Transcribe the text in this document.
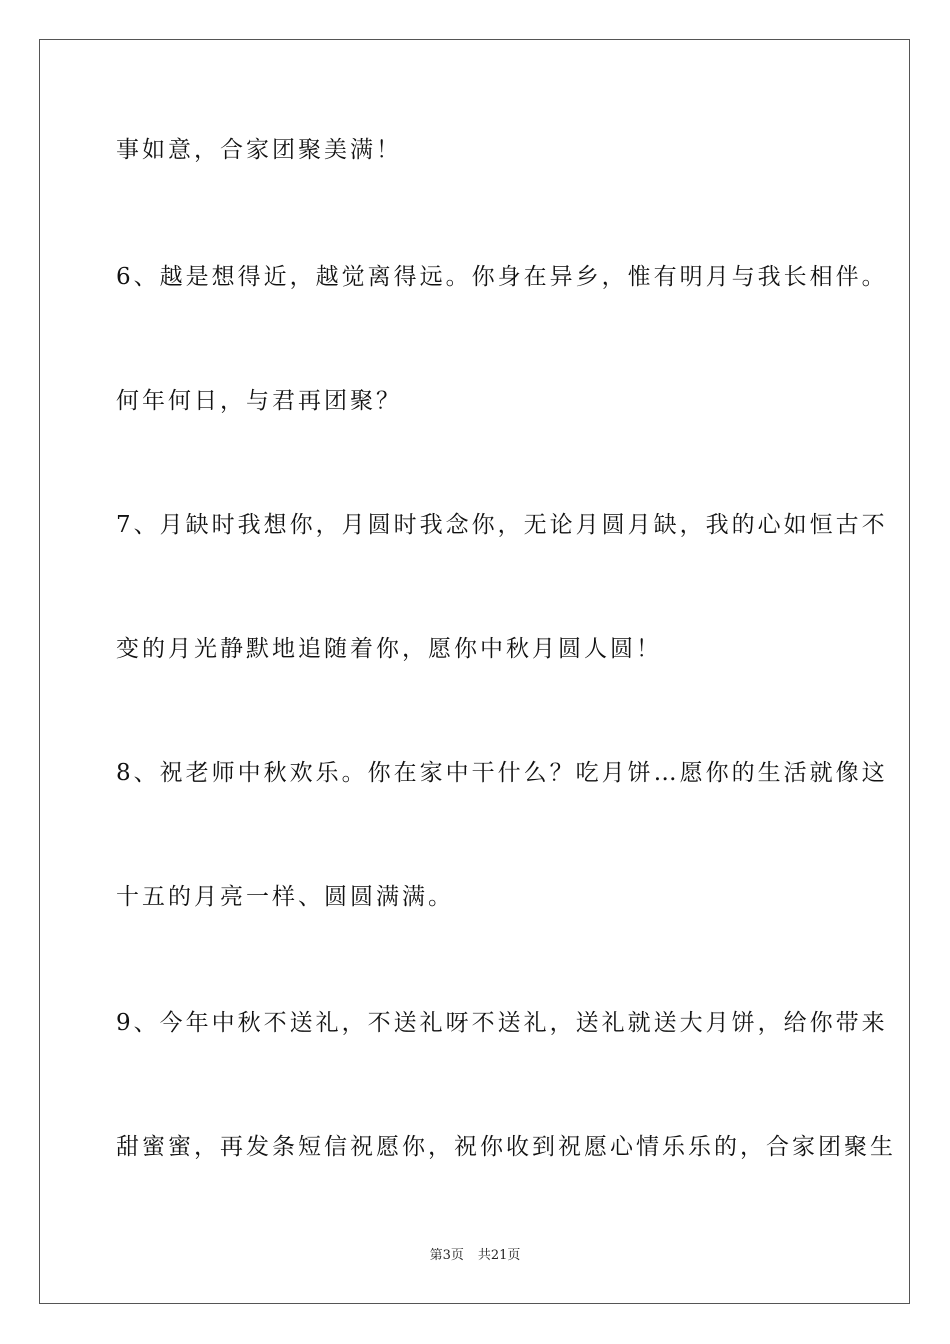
事如意，合家团聚美满！
6、越是想得近，越觉离得远。你身在异乡，惟有明月与我长相伴。
何年何日，与君再团聚？
7、月缺时我想你，月圆时我念你，无论月圆月缺，我的心如恒古不
变的月光静默地追随着你，愿你中秋月圆人圆！
8、祝老师中秋欢乐。你在家中干什么？吃月饼…愿你的生活就像这
十五的月亮一样、圆圆满满。
9、今年中秋不送礼，不送礼呀不送礼，送礼就送大月饼，给你带来
甜蜜蜜，再发条短信祝愿你，祝你收到祝愿心情乐乐的，合家团聚生
第3页 共21页
